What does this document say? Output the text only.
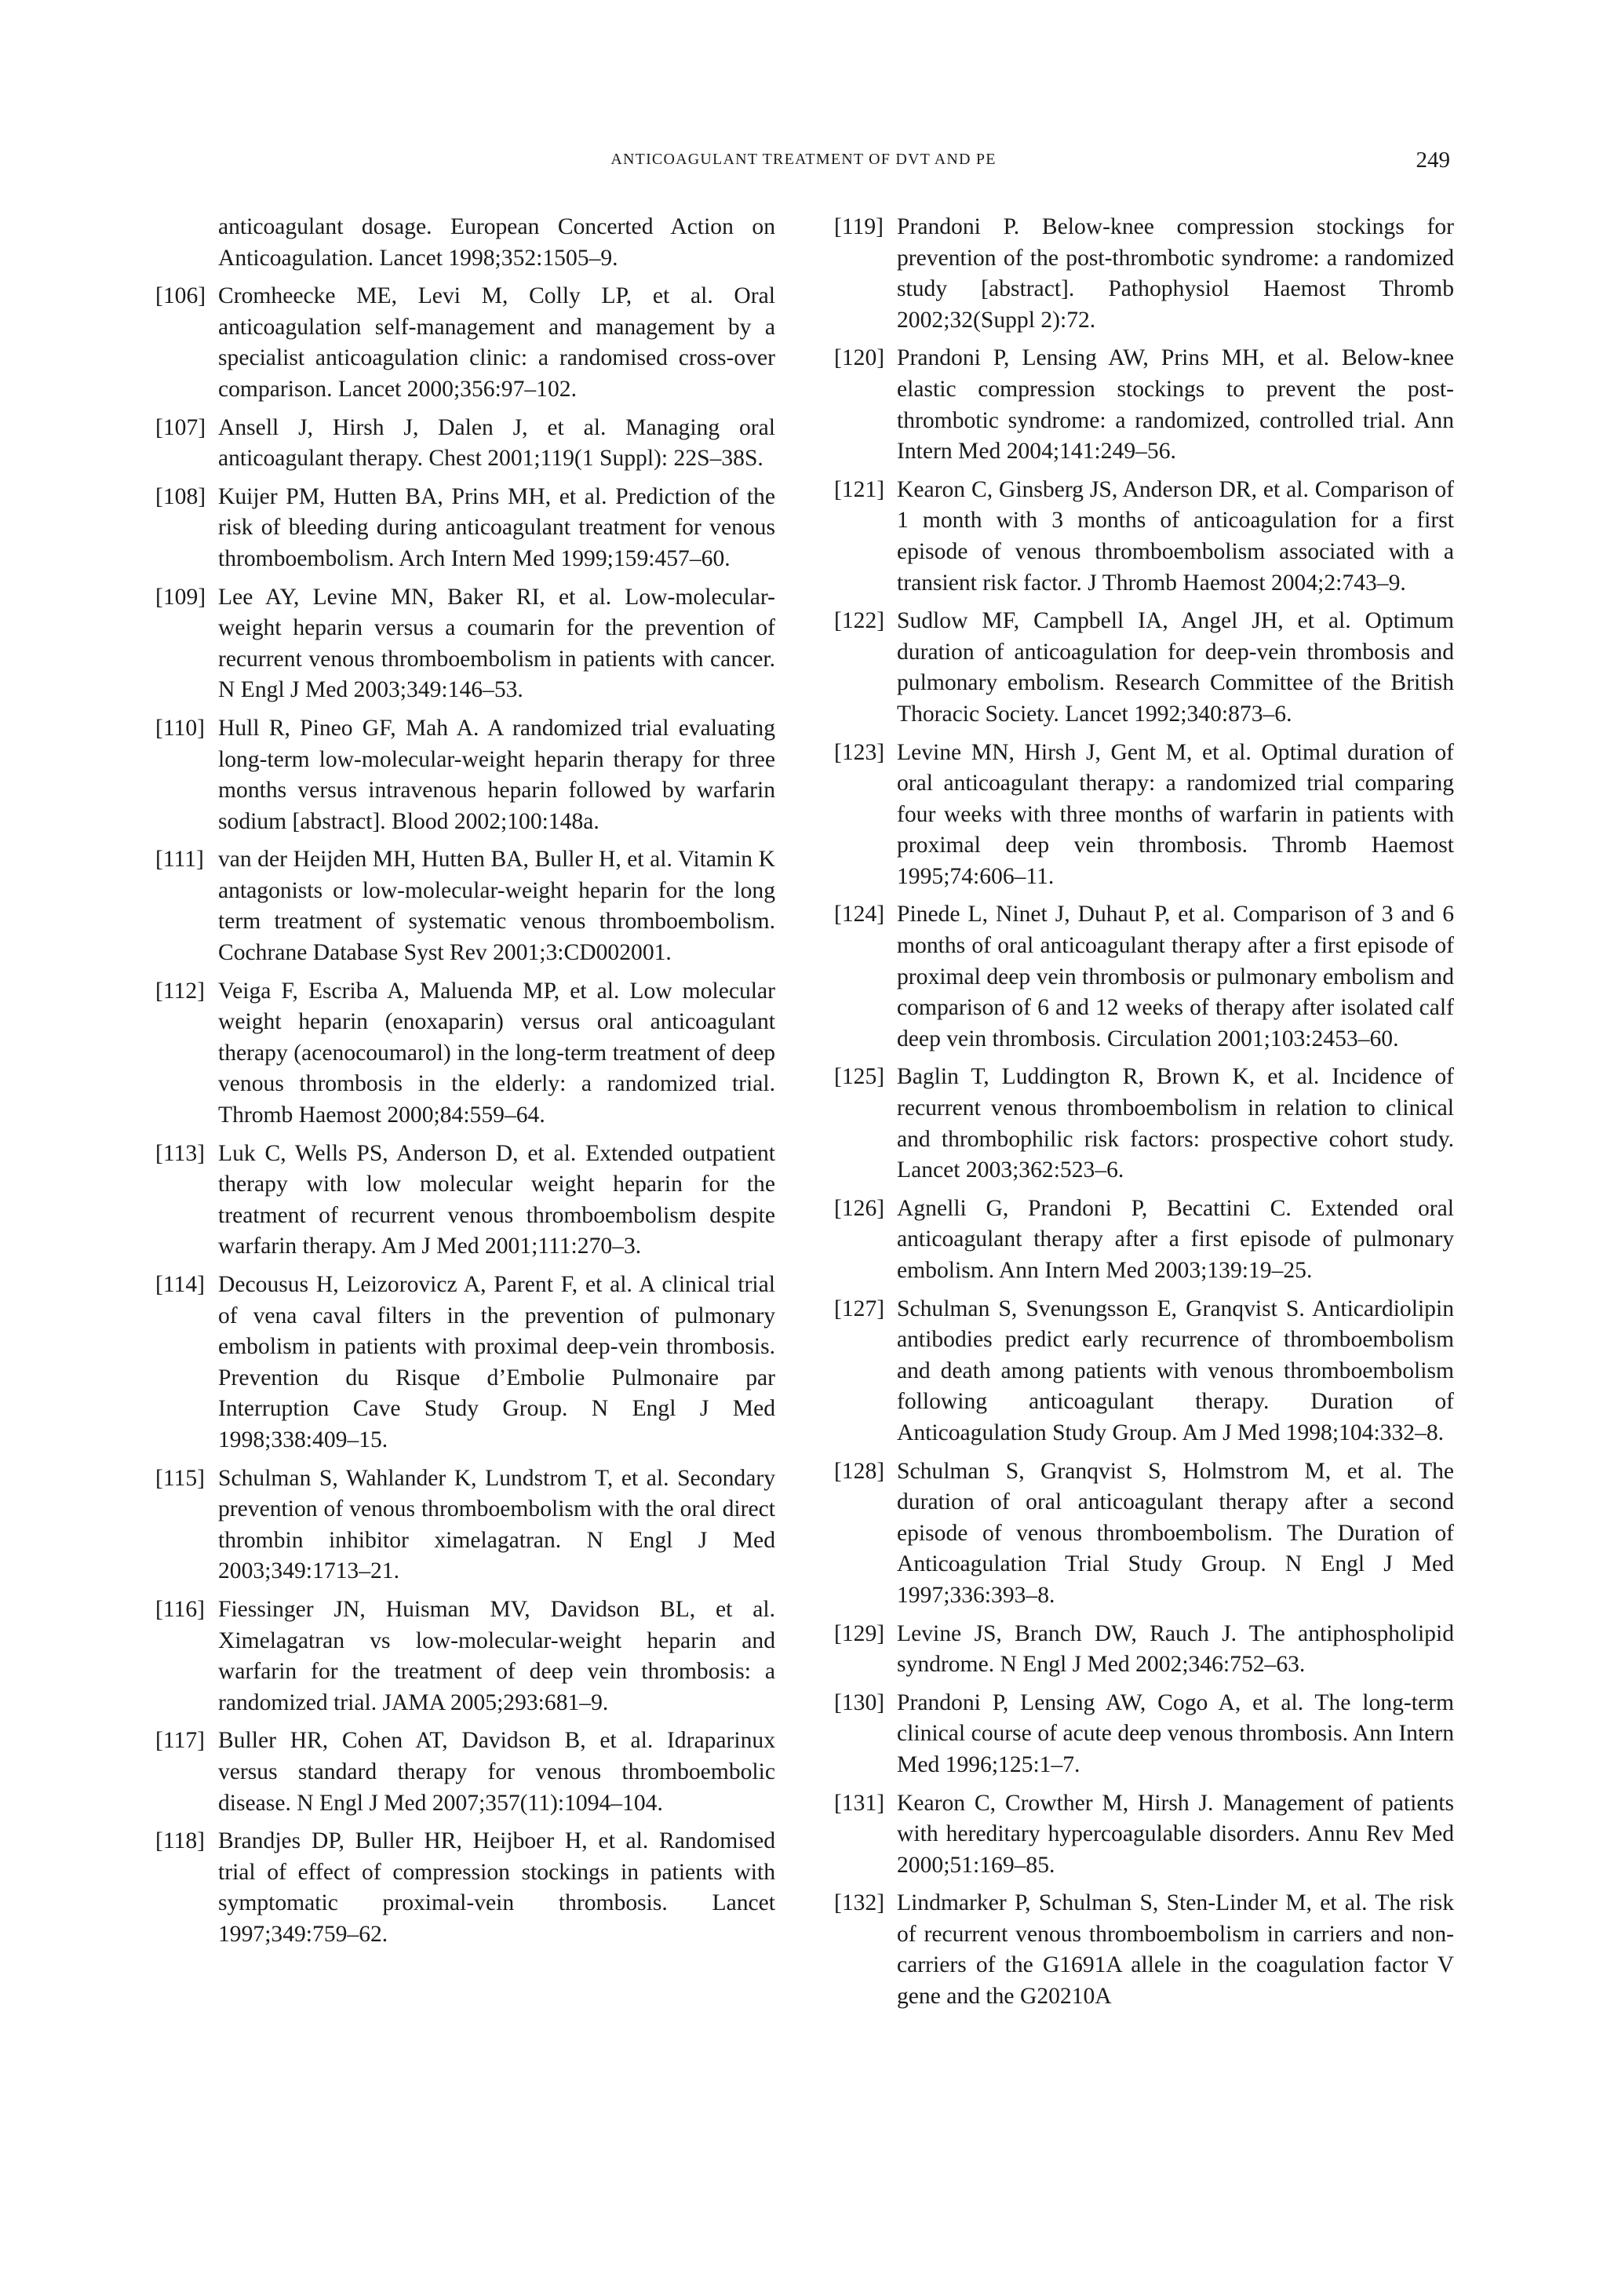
ANTICOAGULANT TREATMENT OF DVT AND PE	249
anticoagulant dosage. European Concerted Action on Anticoagulation. Lancet 1998;352:1505–9.
[106] Cromheecke ME, Levi M, Colly LP, et al. Oral anticoagulation self-management and management by a specialist anticoagulation clinic: a randomised cross-over comparison. Lancet 2000;356:97–102.
[107] Ansell J, Hirsh J, Dalen J, et al. Managing oral anticoagulant therapy. Chest 2001;119(1 Suppl): 22S–38S.
[108] Kuijer PM, Hutten BA, Prins MH, et al. Prediction of the risk of bleeding during anticoagulant treatment for venous thromboembolism. Arch Intern Med 1999;159:457–60.
[109] Lee AY, Levine MN, Baker RI, et al. Low-molecular-weight heparin versus a coumarin for the prevention of recurrent venous thromboembolism in patients with cancer. N Engl J Med 2003;349:146–53.
[110] Hull R, Pineo GF, Mah A. A randomized trial evaluating long-term low-molecular-weight heparin therapy for three months versus intravenous heparin followed by warfarin sodium [abstract]. Blood 2002;100:148a.
[111] van der Heijden MH, Hutten BA, Buller H, et al. Vitamin K antagonists or low-molecular-weight heparin for the long term treatment of systematic venous thromboembolism. Cochrane Database Syst Rev 2001;3:CD002001.
[112] Veiga F, Escriba A, Maluenda MP, et al. Low molecular weight heparin (enoxaparin) versus oral anticoagulant therapy (acenocoumarol) in the long-term treatment of deep venous thrombosis in the elderly: a randomized trial. Thromb Haemost 2000;84:559–64.
[113] Luk C, Wells PS, Anderson D, et al. Extended outpatient therapy with low molecular weight heparin for the treatment of recurrent venous thromboembolism despite warfarin therapy. Am J Med 2001;111:270–3.
[114] Decousus H, Leizorovicz A, Parent F, et al. A clinical trial of vena caval filters in the prevention of pulmonary embolism in patients with proximal deep-vein thrombosis. Prevention du Risque d’Embolie Pulmonaire par Interruption Cave Study Group. N Engl J Med 1998;338:409–15.
[115] Schulman S, Wahlander K, Lundstrom T, et al. Secondary prevention of venous thromboembolism with the oral direct thrombin inhibitor ximelagatran. N Engl J Med 2003;349:1713–21.
[116] Fiessinger JN, Huisman MV, Davidson BL, et al. Ximelagatran vs low-molecular-weight heparin and warfarin for the treatment of deep vein thrombosis: a randomized trial. JAMA 2005;293:681–9.
[117] Buller HR, Cohen AT, Davidson B, et al. Idraparinux versus standard therapy for venous thromboembolic disease. N Engl J Med 2007;357(11):1094–104.
[118] Brandjes DP, Buller HR, Heijboer H, et al. Randomised trial of effect of compression stockings in patients with symptomatic proximal-vein thrombosis. Lancet 1997;349:759–62.
[119] Prandoni P. Below-knee compression stockings for prevention of the post-thrombotic syndrome: a randomized study [abstract]. Pathophysiol Haemost Thromb 2002;32(Suppl 2):72.
[120] Prandoni P, Lensing AW, Prins MH, et al. Below-knee elastic compression stockings to prevent the post-thrombotic syndrome: a randomized, controlled trial. Ann Intern Med 2004;141:249–56.
[121] Kearon C, Ginsberg JS, Anderson DR, et al. Comparison of 1 month with 3 months of anticoagulation for a first episode of venous thromboembolism associated with a transient risk factor. J Thromb Haemost 2004;2:743–9.
[122] Sudlow MF, Campbell IA, Angel JH, et al. Optimum duration of anticoagulation for deep-vein thrombosis and pulmonary embolism. Research Committee of the British Thoracic Society. Lancet 1992;340:873–6.
[123] Levine MN, Hirsh J, Gent M, et al. Optimal duration of oral anticoagulant therapy: a randomized trial comparing four weeks with three months of warfarin in patients with proximal deep vein thrombosis. Thromb Haemost 1995;74:606–11.
[124] Pinede L, Ninet J, Duhaut P, et al. Comparison of 3 and 6 months of oral anticoagulant therapy after a first episode of proximal deep vein thrombosis or pulmonary embolism and comparison of 6 and 12 weeks of therapy after isolated calf deep vein thrombosis. Circulation 2001;103:2453–60.
[125] Baglin T, Luddington R, Brown K, et al. Incidence of recurrent venous thromboembolism in relation to clinical and thrombophilic risk factors: prospective cohort study. Lancet 2003;362:523–6.
[126] Agnelli G, Prandoni P, Becattini C. Extended oral anticoagulant therapy after a first episode of pulmonary embolism. Ann Intern Med 2003;139:19–25.
[127] Schulman S, Svenungsson E, Granqvist S. Anticardiolipin antibodies predict early recurrence of thromboembolism and death among patients with venous thromboembolism following anticoagulant therapy. Duration of Anticoagulation Study Group. Am J Med 1998;104:332–8.
[128] Schulman S, Granqvist S, Holmstrom M, et al. The duration of oral anticoagulant therapy after a second episode of venous thromboembolism. The Duration of Anticoagulation Trial Study Group. N Engl J Med 1997;336:393–8.
[129] Levine JS, Branch DW, Rauch J. The antiphospholipid syndrome. N Engl J Med 2002;346:752–63.
[130] Prandoni P, Lensing AW, Cogo A, et al. The long-term clinical course of acute deep venous thrombosis. Ann Intern Med 1996;125:1–7.
[131] Kearon C, Crowther M, Hirsh J. Management of patients with hereditary hypercoagulable disorders. Annu Rev Med 2000;51:169–85.
[132] Lindmarker P, Schulman S, Sten-Linder M, et al. The risk of recurrent venous thromboembolism in carriers and non-carriers of the G1691A allele in the coagulation factor V gene and the G20210A
